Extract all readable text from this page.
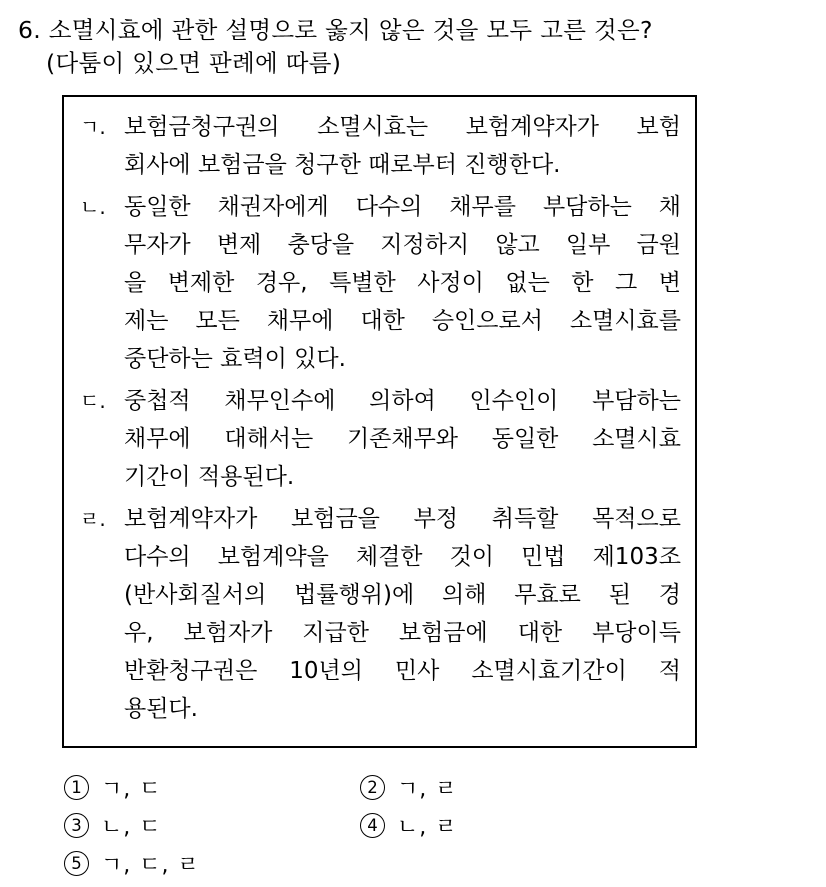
6. 소멸시효에 관한 설명으로 옳지 않은 것을 모두 고른 것은?
(다툼이 있으면 판례에 따름)
ㄱ. 보험금청구권의 소멸시효는 보험계약자가 보험
회사에 보험금을 청구한 때로부터 진행한다.
ㄴ. 동일한 채권자에게 다수의 채무를 부담하는 채
무자가 변제 충당을 지정하지 않고 일부 금원
을 변제한 경우, 특별한 사정이 없는 한 그 변
제는 모든 채무에 대한 승인으로서 소멸시효를
중단하는 효력이 있다.
ㄷ. 중첩적 채무인수에 의하여 인수인이 부담하는
채무에 대해서는 기존채무와 동일한 소멸시효
기간이 적용된다.
ㄹ. 보험계약자가 보험금을 부정 취득할 목적으로
다수의 보험계약을 체결한 것이 민법 제103조
(반사회질서의 법률행위)에 의해 무효로 된 경
우, 보험자가 지급한 보험금에 대한 부당이득
반환청구권은 10년의 민사 소멸시효기간이 적
용된다.
1 ㄱ, ㄷ	2 ㄱ, ㄹ
3 ㄴ, ㄷ	4 ㄴ, ㄹ
5 ㄱ, ㄷ, ㄹ
